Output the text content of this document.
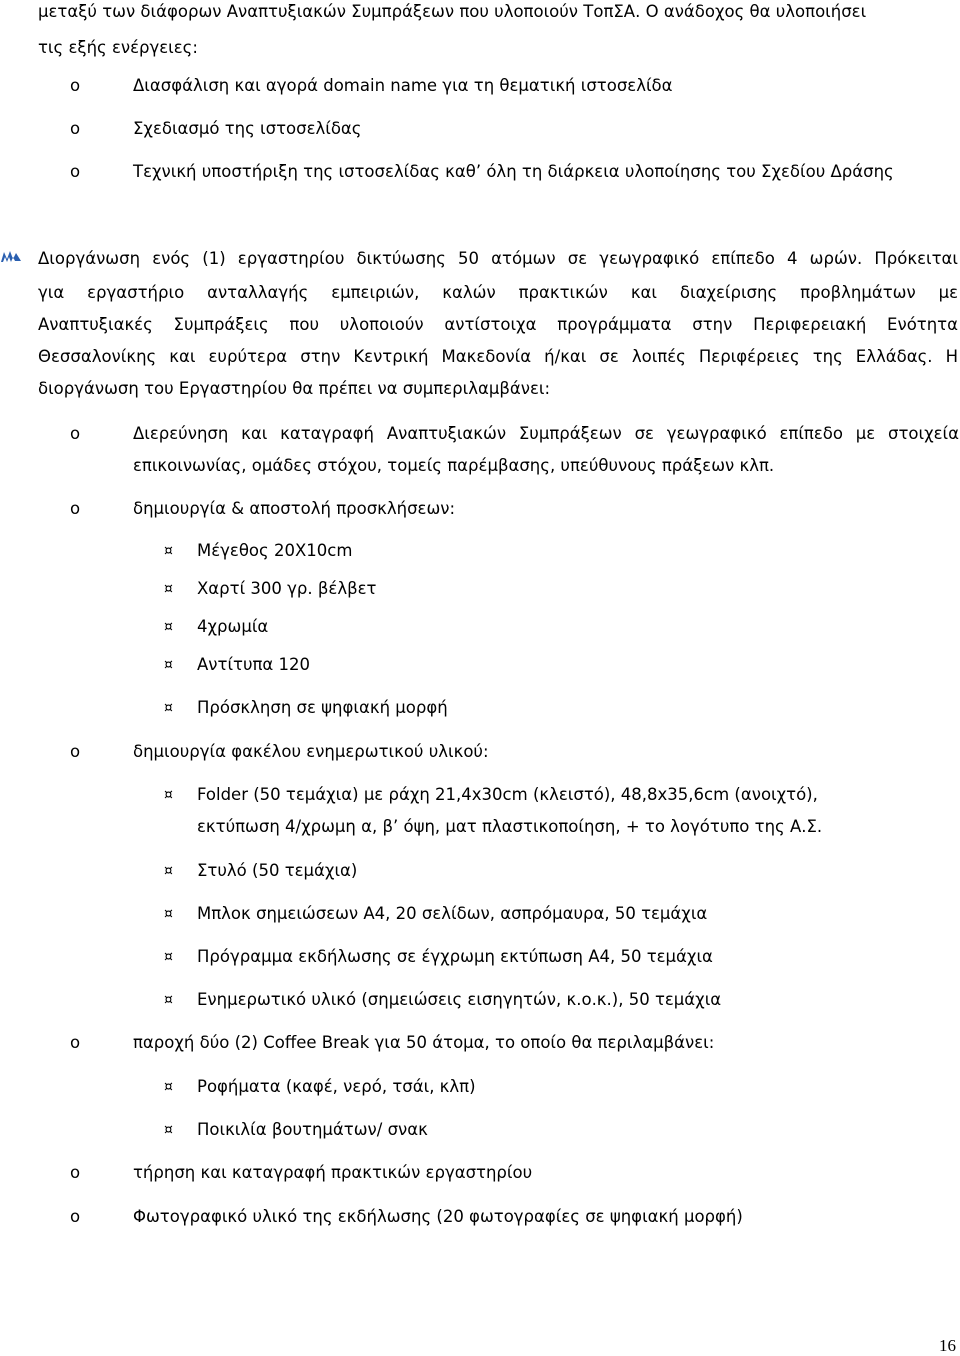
μεταξύ των διάφορων Αναπτυξιακών Συμπράξεων που υλοποιούν ΤοπΣΑ. Ο ανάδοχος θα υλοποιήσει
τις εξής ενέργειες:
o	Διασφάλιση και αγορά domain name για τη θεματική ιστοσελίδα
o	Σχεδιασμό της ιστοσελίδας
o	Τεχνική υποστήριξη της ιστοσελίδας καθ’ όλη τη διάρκεια υλοποίησης του Σχεδίου Δράσης
Διοργάνωση ενός (1) εργαστηρίου δικτύωσης 50 ατόμων σε γεωγραφικό επίπεδο 4 ωρών. Πρόκειται
για εργαστήριο ανταλλαγής εμπειριών, καλών πρακτικών και διαχείρισης προβλημάτων με
Αναπτυξιακές Συμπράξεις που υλοποιούν αντίστοιχα προγράμματα στην Περιφερειακή Ενότητα
Θεσσαλονίκης και ευρύτερα στην Κεντρική Μακεδονία ή/και σε λοιπές Περιφέρειες της Ελλάδας. Η
διοργάνωση του Εργαστηρίου θα πρέπει να συμπεριλαμβάνει:
o	Διερεύνηση και καταγραφή Αναπτυξιακών Συμπράξεων σε γεωγραφικό επίπεδο με στοιχεία
επικοινωνίας, ομάδες στόχου, τομείς παρέμβασης, υπεύθυνους πράξεων κλπ.
o	δημιουργία & αποστολή προσκλήσεων:
¤ Μέγεθος 20Χ10cm
¤ Χαρτί 300 γρ. βέλβετ
¤ 4χρωμία
¤ Αντίτυπα 120
¤ Πρόσκληση σε ψηφιακή μορφή
o	δημιουργία φακέλου ενημερωτικού υλικού:
¤ Folder (50 τεμάχια) με ράχη 21,4x30cm (κλειστό), 48,8x35,6cm (ανοιχτό),
εκτύπωση 4/χρωμη α, β’ όψη, ματ πλαστικοποίηση, + το λογότυπο της Α.Σ.
¤ Στυλό (50 τεμάχια)
¤ Μπλοκ σημειώσεων Α4, 20 σελίδων, ασπρόμαυρα, 50 τεμάχια
¤ Πρόγραμμα εκδήλωσης σε έγχρωμη εκτύπωση Α4, 50 τεμάχια
¤ Ενημερωτικό υλικό (σημειώσεις εισηγητών, κ.ο.κ.), 50 τεμάχια
o	παροχή δύο (2) Coffee Break για 50 άτομα, το οποίο θα περιλαμβάνει:
¤ Ροφήματα (καφέ, νερό, τσάι, κλπ)
¤ Ποικιλία βουτημάτων/ σνακ
o	τήρηση και καταγραφή πρακτικών εργαστηρίου
o	Φωτογραφικό υλικό της εκδήλωσης (20 φωτογραφίες σε ψηφιακή μορφή)
16
